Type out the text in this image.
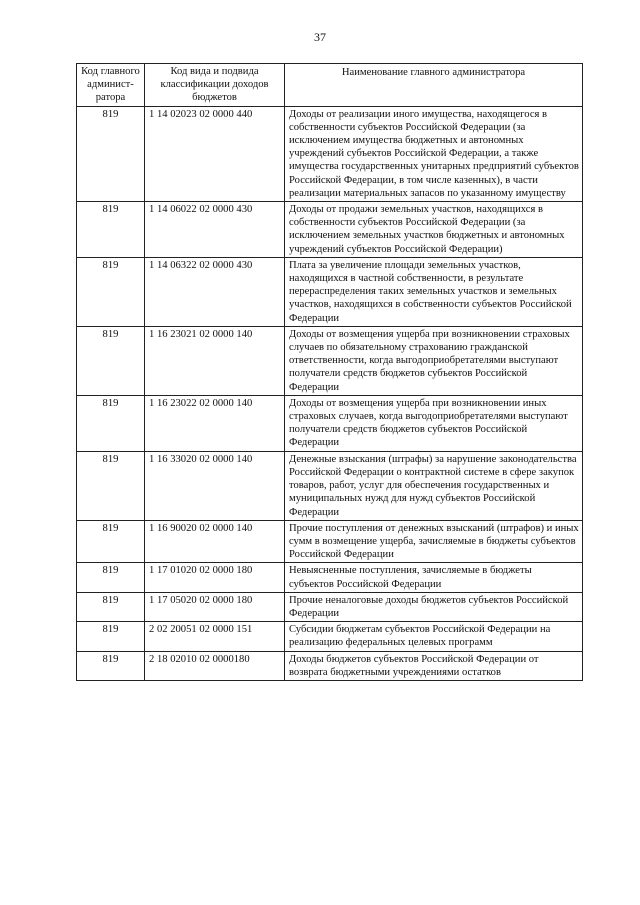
37
Код главного админист-ратора	Код вида и подвида классификации доходов бюджетов	Наименование главного администратора
819	1 14 02023 02 0000 440	Доходы от реализации иного имущества, находящегося в собственности субъектов Российской Федерации (за исключением имущества бюджетных и автономных учреждений субъектов Российской Федерации, а также имущества государственных унитарных предприятий субъектов Российской Федерации, в том числе казенных), в части реализации материальных запасов по указанному имуществу
819	1 14 06022 02 0000 430	Доходы от продажи земельных участков, находящихся в собственности субъектов Российской Федерации (за исключением земельных участков бюджетных и автономных учреждений субъектов Российской Федерации)
819	1 14 06322 02 0000 430	Плата за увеличение площади земельных участков, находящихся в частной собственности, в результате перераспределения таких земельных участков и земельных участков, находящихся в собственности субъектов Российской Федерации
819	1 16 23021 02 0000 140	Доходы от возмещения ущерба при возникновении страховых случаев по обязательному страхованию гражданской ответственности, когда выгодоприобретателями выступают получатели средств бюджетов субъектов Российской Федерации
819	1 16 23022 02 0000 140	Доходы от возмещения ущерба при возникновении иных страховых случаев, когда выгодоприобретателями выступают получатели средств бюджетов субъектов Российской Федерации
819	1 16 33020 02 0000 140	Денежные взыскания (штрафы) за нарушение законодательства Российской Федерации о контрактной системе в сфере закупок товаров, работ, услуг для обеспечения государственных и муниципальных нужд для нужд субъектов Российской Федерации
819	1 16 90020 02 0000 140	Прочие поступления от денежных взысканий (штрафов) и иных сумм в возмещение ущерба, зачисляемые в бюджеты субъектов Российской Федерации
819	1 17 01020 02 0000 180	Невыясненные поступления, зачисляемые в бюджеты субъектов Российской Федерации
819	1 17 05020 02 0000 180	Прочие неналоговые доходы бюджетов субъектов Российской Федерации
819	2 02 20051 02 0000 151	Субсидии бюджетам субъектов Российской Федерации на реализацию федеральных целевых программ
819	2 18 02010 02 0000180	Доходы бюджетов субъектов Российской Федерации от возврата бюджетными учреждениями остатков
